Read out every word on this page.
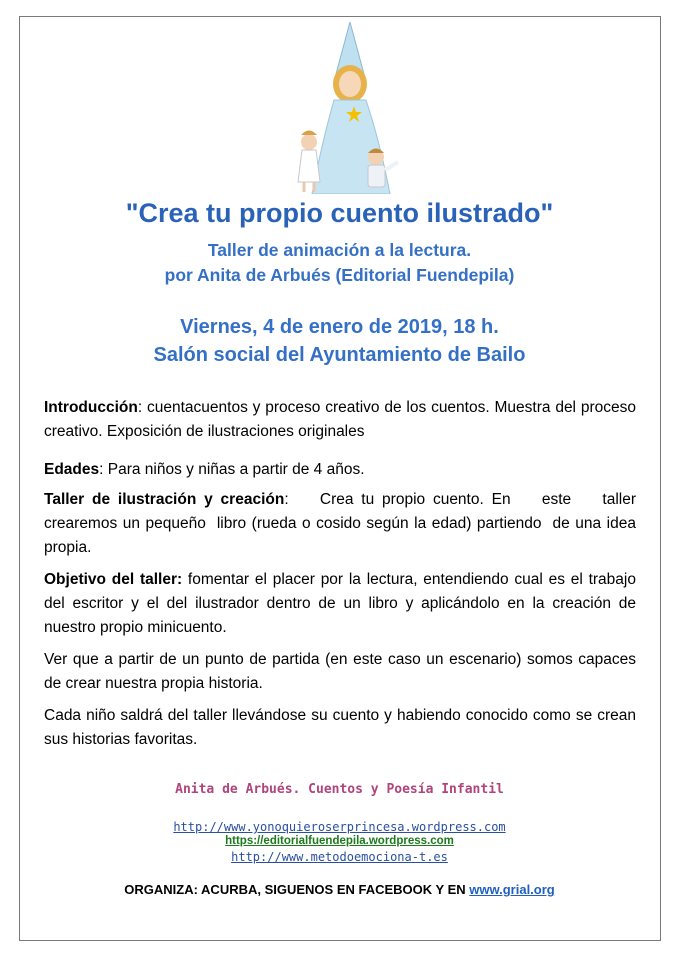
"Crea tu propio cuento ilustrado"
Taller de animación a la lectura.
por Anita de Arbués (Editorial Fuendepila)
Viernes, 4 de enero de 2019, 18 h.
Salón social del Ayuntamiento de Bailo

Introducción: cuentacuentos y proceso creativo de los cuentos. Muestra del proceso creativo. Exposición de ilustraciones originales

Edades: Para niños y niñas a partir de 4 años.

Taller de ilustración y creación:    Crea tu propio cuento. En    este    taller crearemos un pequeño  libro (rueda o cosido según la edad) partiendo  de una idea propia.

Objetivo del taller: fomentar el placer por la lectura, entendiendo cual es el trabajo del escritor y el del ilustrador dentro de un libro y aplicándolo en la creación de nuestro propio minicuento.

Ver que a partir de un punto de partida (en este caso un escenario) somos capaces de crear nuestra propia historia.

Cada niño saldrá del taller llevándose su cuento y habiendo conocido como se crean sus historias favoritas.

Anita de Arbués. Cuentos y Poesía Infantil
http://www.yonoquieroserprincesa.wordpress.com
https://editorialfuendepila.wordpress.com
http://www.metodoemociona-t.es
ORGANIZA: ACURBA, SIGUENOS EN FACEBOOK Y EN www.grial.org
